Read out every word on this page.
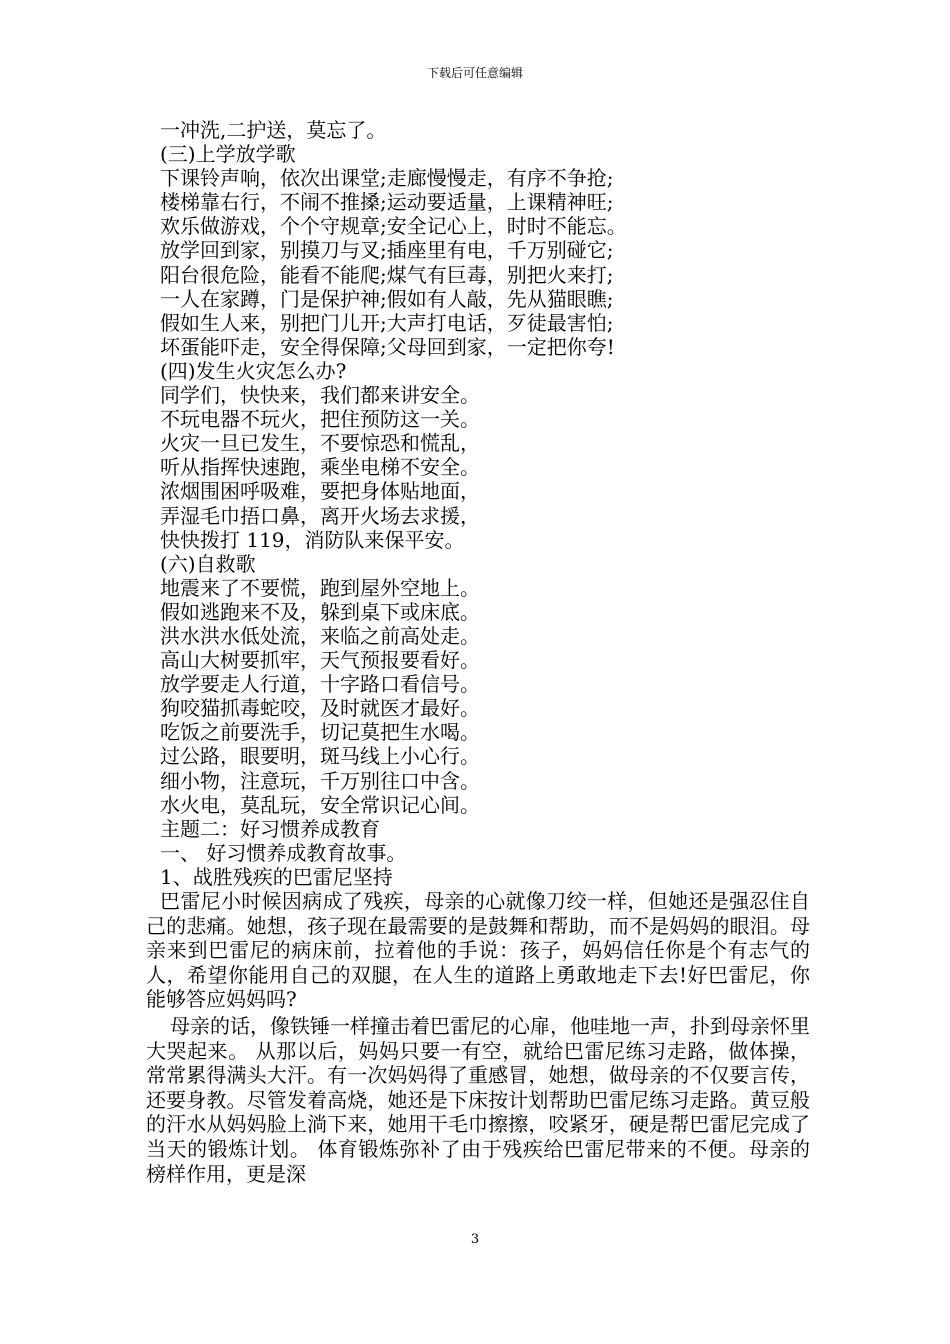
下载后可任意编辑
一冲洗,二护送，莫忘了。
(三)上学放学歌
下课铃声响，依次出课堂;走廊慢慢走，有序不争抢;
楼梯靠右行，不闹不推搡;运动要适量，上课精神旺;
欢乐做游戏，个个守规章;安全记心上，时时不能忘。
放学回到家，别摸刀与叉;插座里有电，千万别碰它;
阳台很危险，能看不能爬;煤气有巨毒，别把火来打;
一人在家蹲，门是保护神;假如有人敲，先从猫眼瞧;
假如生人来，别把门儿开;大声打电话，歹徒最害怕;
坏蛋能吓走，安全得保障;父母回到家，一定把你夸!
(四)发生火灾怎么办?
同学们，快快来，我们都来讲安全。
不玩电器不玩火，把住预防这一关。
火灾一旦已发生，不要惊恐和慌乱，
听从指挥快速跑，乘坐电梯不安全。
浓烟围困呼吸难，要把身体贴地面，
弄湿毛巾捂口鼻，离开火场去求援，
快快拨打 119，消防队来保平安。
(六)自救歌
地震来了不要慌，跑到屋外空地上。
假如逃跑来不及，躲到桌下或床底。
洪水洪水低处流，来临之前高处走。
高山大树要抓牢，天气预报要看好。
放学要走人行道，十字路口看信号。
狗咬猫抓毒蛇咬，及时就医才最好。
吃饭之前要洗手，切记莫把生水喝。
过公路，眼要明，斑马线上小心行。
细小物，注意玩，千万别往口中含。
水火电，莫乱玩，安全常识记心间。
主题二：好习惯养成教育
一、 好习惯养成教育故事。
1、战胜残疾的巴雷尼坚持
巴雷尼小时候因病成了残疾，母亲的心就像刀绞一样，但她还是强忍住自己的悲痛。她想，孩子现在最需要的是鼓舞和帮助，而不是妈妈的眼泪。母亲来到巴雷尼的病床前，拉着他的手说：孩子，妈妈信任你是个有志气的人，希望你能用自己的双腿，在人生的道路上勇敢地走下去!好巴雷尼，你能够答应妈妈吗?
母亲的话，像铁锤一样撞击着巴雷尼的心扉，他哇地一声，扑到母亲怀里大哭起来。 从那以后，妈妈只要一有空，就给巴雷尼练习走路，做体操，常常累得满头大汗。有一次妈妈得了重感冒，她想，做母亲的不仅要言传，还要身教。尽管发着高烧，她还是下床按计划帮助巴雷尼练习走路。黄豆般的汗水从妈妈脸上淌下来，她用干毛巾擦擦，咬紧牙，硬是帮巴雷尼完成了当天的锻炼计划。 体育锻炼弥补了由于残疾给巴雷尼带来的不便。母亲的榜样作用，更是深
3
